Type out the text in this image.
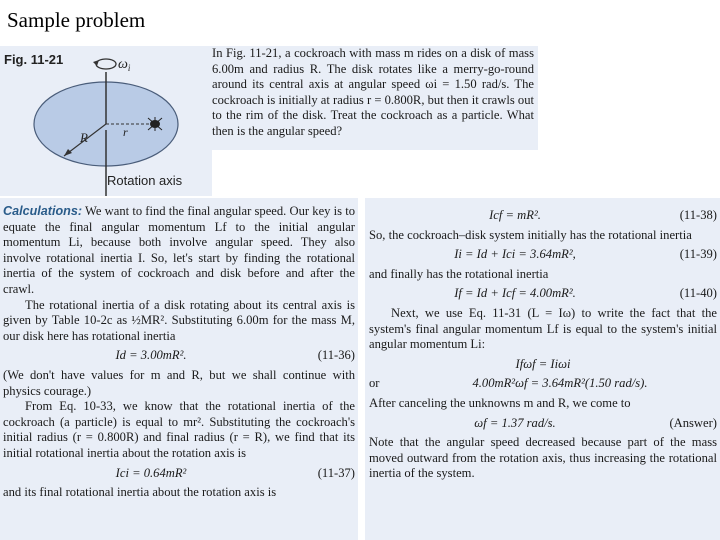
Sample problem
Fig. 11-21	$\omega_i$
r
R
Rotation axis
In Fig. 11-21, a cockroach with mass m rides on a disk of mass 6.00m and radius R. The disk rotates like a merry-go-round around its central axis at angular speed ωi = 1.50 rad/s. The cockroach is initially at radius r = 0.800R, but then it crawls out to the rim of the disk. Treat the cockroach as a particle. What then is the angular speed?

Calculations: We want to find the final angular speed. Our key is to equate the final angular momentum Lf to the initial angular momentum Li, because both involve angular speed. They also involve rotational inertia I. So, let's start by finding the rotational inertia of the system of cockroach and disk before and after the crawl.

The rotational inertia of a disk rotating about its central axis is given by Table 10-2c as ½MR². Substituting 6.00m for the mass M, our disk here has rotational inertia

Id = 3.00mR².	(11-36)

(We don't have values for m and R, but we shall continue with physics courage.)

From Eq. 10-33, we know that the rotational inertia of the cockroach (a particle) is equal to mr². Substituting the cockroach's initial radius (r = 0.800R) and final radius (r = R), we find that its initial rotational inertia about the rotation axis is

Ici = 0.64mR²	(11-37)

and its final rotational inertia about the rotation axis is

Icf = mR².	(11-38)

So, the cockroach–disk system initially has the rotational inertia

Ii = Id + Ici = 3.64mR²,	(11-39)

and finally has the rotational inertia

If = Id + Icf = 4.00mR².	(11-40)

Next, we use Eq. 11-31 (L = Iω) to write the fact that the system's final angular momentum Lf is equal to the system's initial angular momentum Li:

Ifωf = Iiωi
or	4.00mR²ωf = 3.64mR²(1.50 rad/s).

After canceling the unknowns m and R, we come to

ωf = 1.37 rad/s.	(Answer)

Note that the angular speed decreased because part of the mass moved outward from the rotation axis, thus increasing the rotational inertia of the system.
